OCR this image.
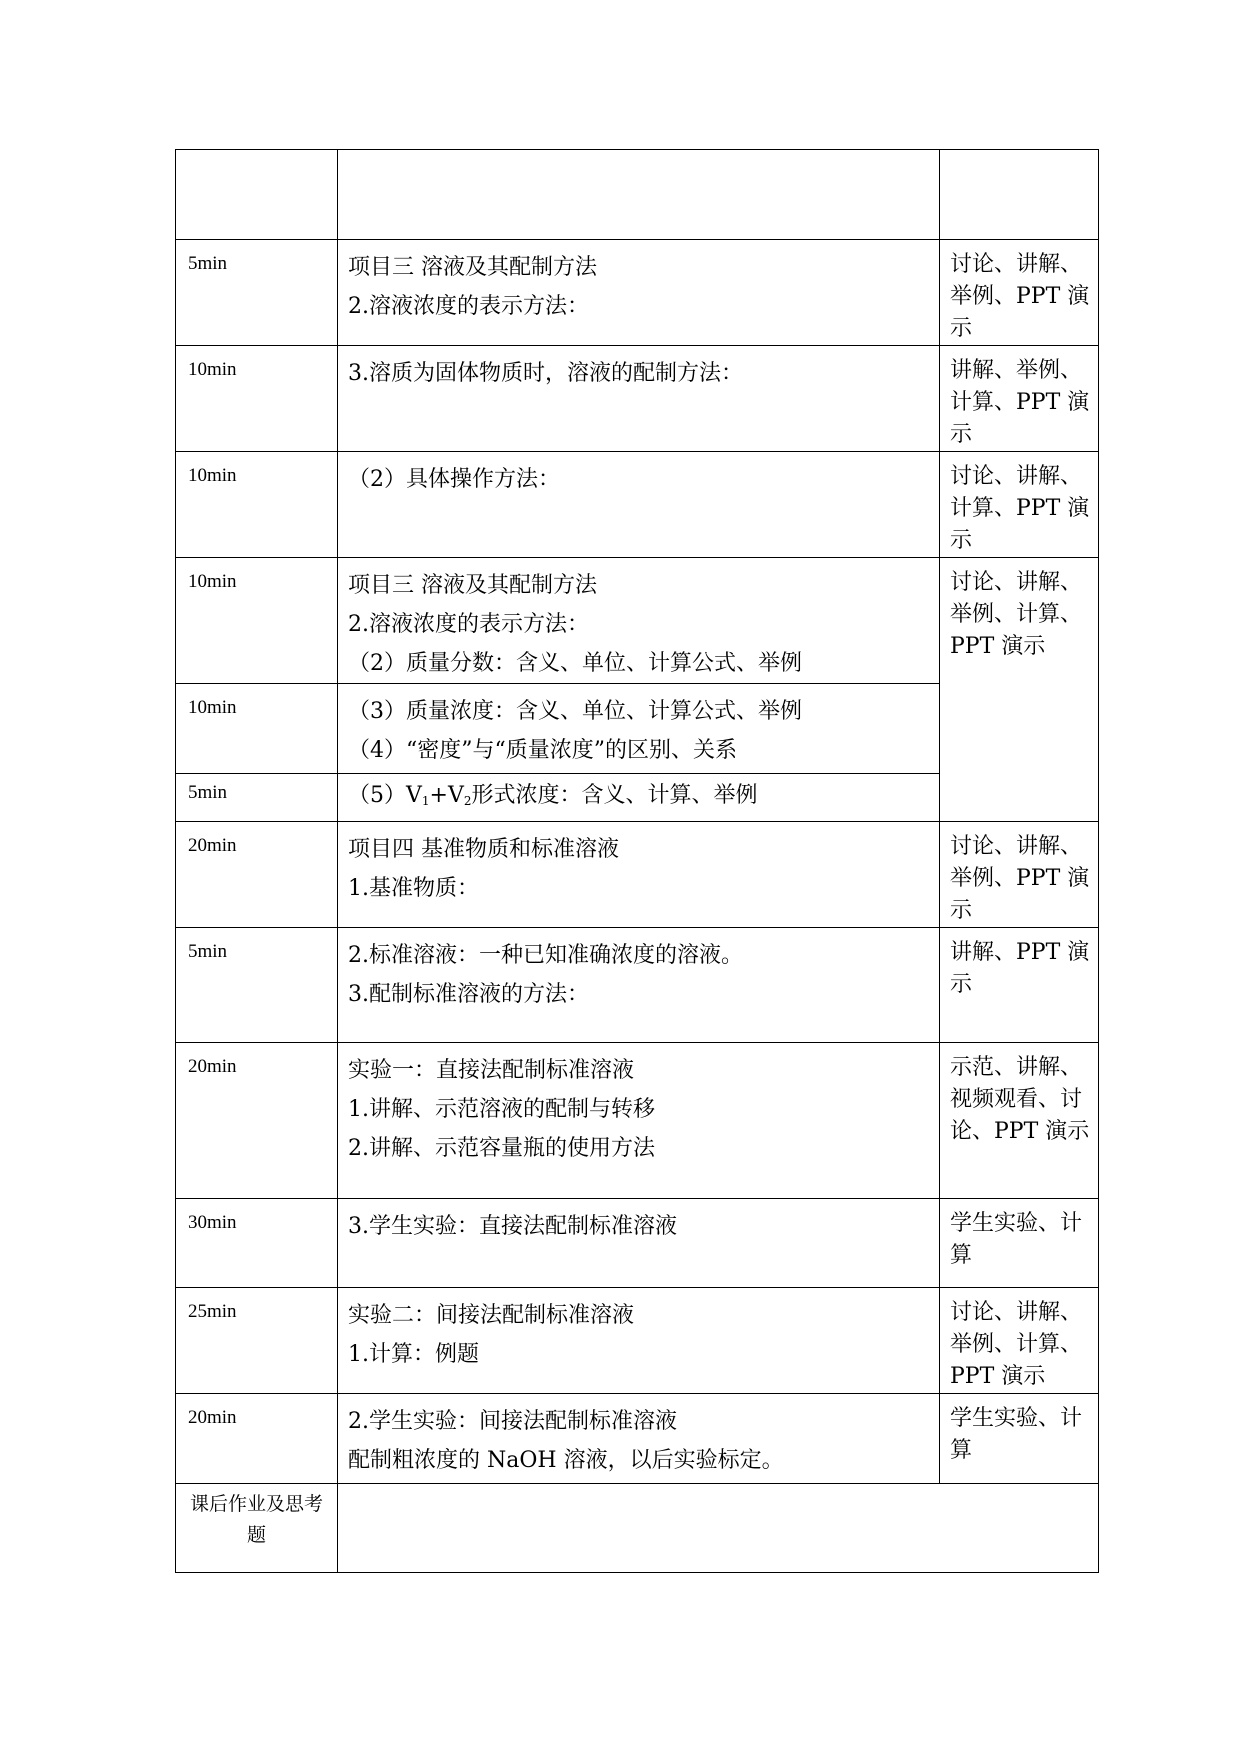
5min	项目三 溶液及其配制方法
2.溶液浓度的表示方法：	讨论、讲解、举例、PPT 演示
10min	3.溶质为固体物质时，溶液的配制方法：	讲解、举例、计算、PPT 演示
10min	（2）具体操作方法：	讨论、讲解、计算、PPT 演示
10min	项目三 溶液及其配制方法
2.溶液浓度的表示方法：
（2）质量分数：含义、单位、计算公式、举例	讨论、讲解、举例、计算、PPT 演示
10min	（3）质量浓度：含义、单位、计算公式、举例
（4）“密度”与“质量浓度”的区别、关系	

5min	$(5)V_1+V_2$形式浓度：含义、计算、举例	

20min	项目四 基准物质和标准溶液
1.基准物质：	讨论、讲解、举例、PPT 演示
5min	2.标准溶液：一种已知准确浓度的溶液。
3.配制标准溶液的方法：	讲解、PPT 演示
20min	实验一：直接法配制标准溶液
1.讲解、示范溶液的配制与转移
2.讲解、示范容量瓶的使用方法	示范、讲解、视频观看、讨论、PPT 演示
30min	3.学生实验：直接法配制标准溶液	学生实验、计算
25min	实验二：间接法配制标准溶液
1.计算：例题	讨论、讲解、举例、计算、PPT 演示
20min	2.学生实验：间接法配制标准溶液
配制粗浓度的 NaOH 溶液，以后实验标定。	学生实验、计算
课后作业及思考题		
